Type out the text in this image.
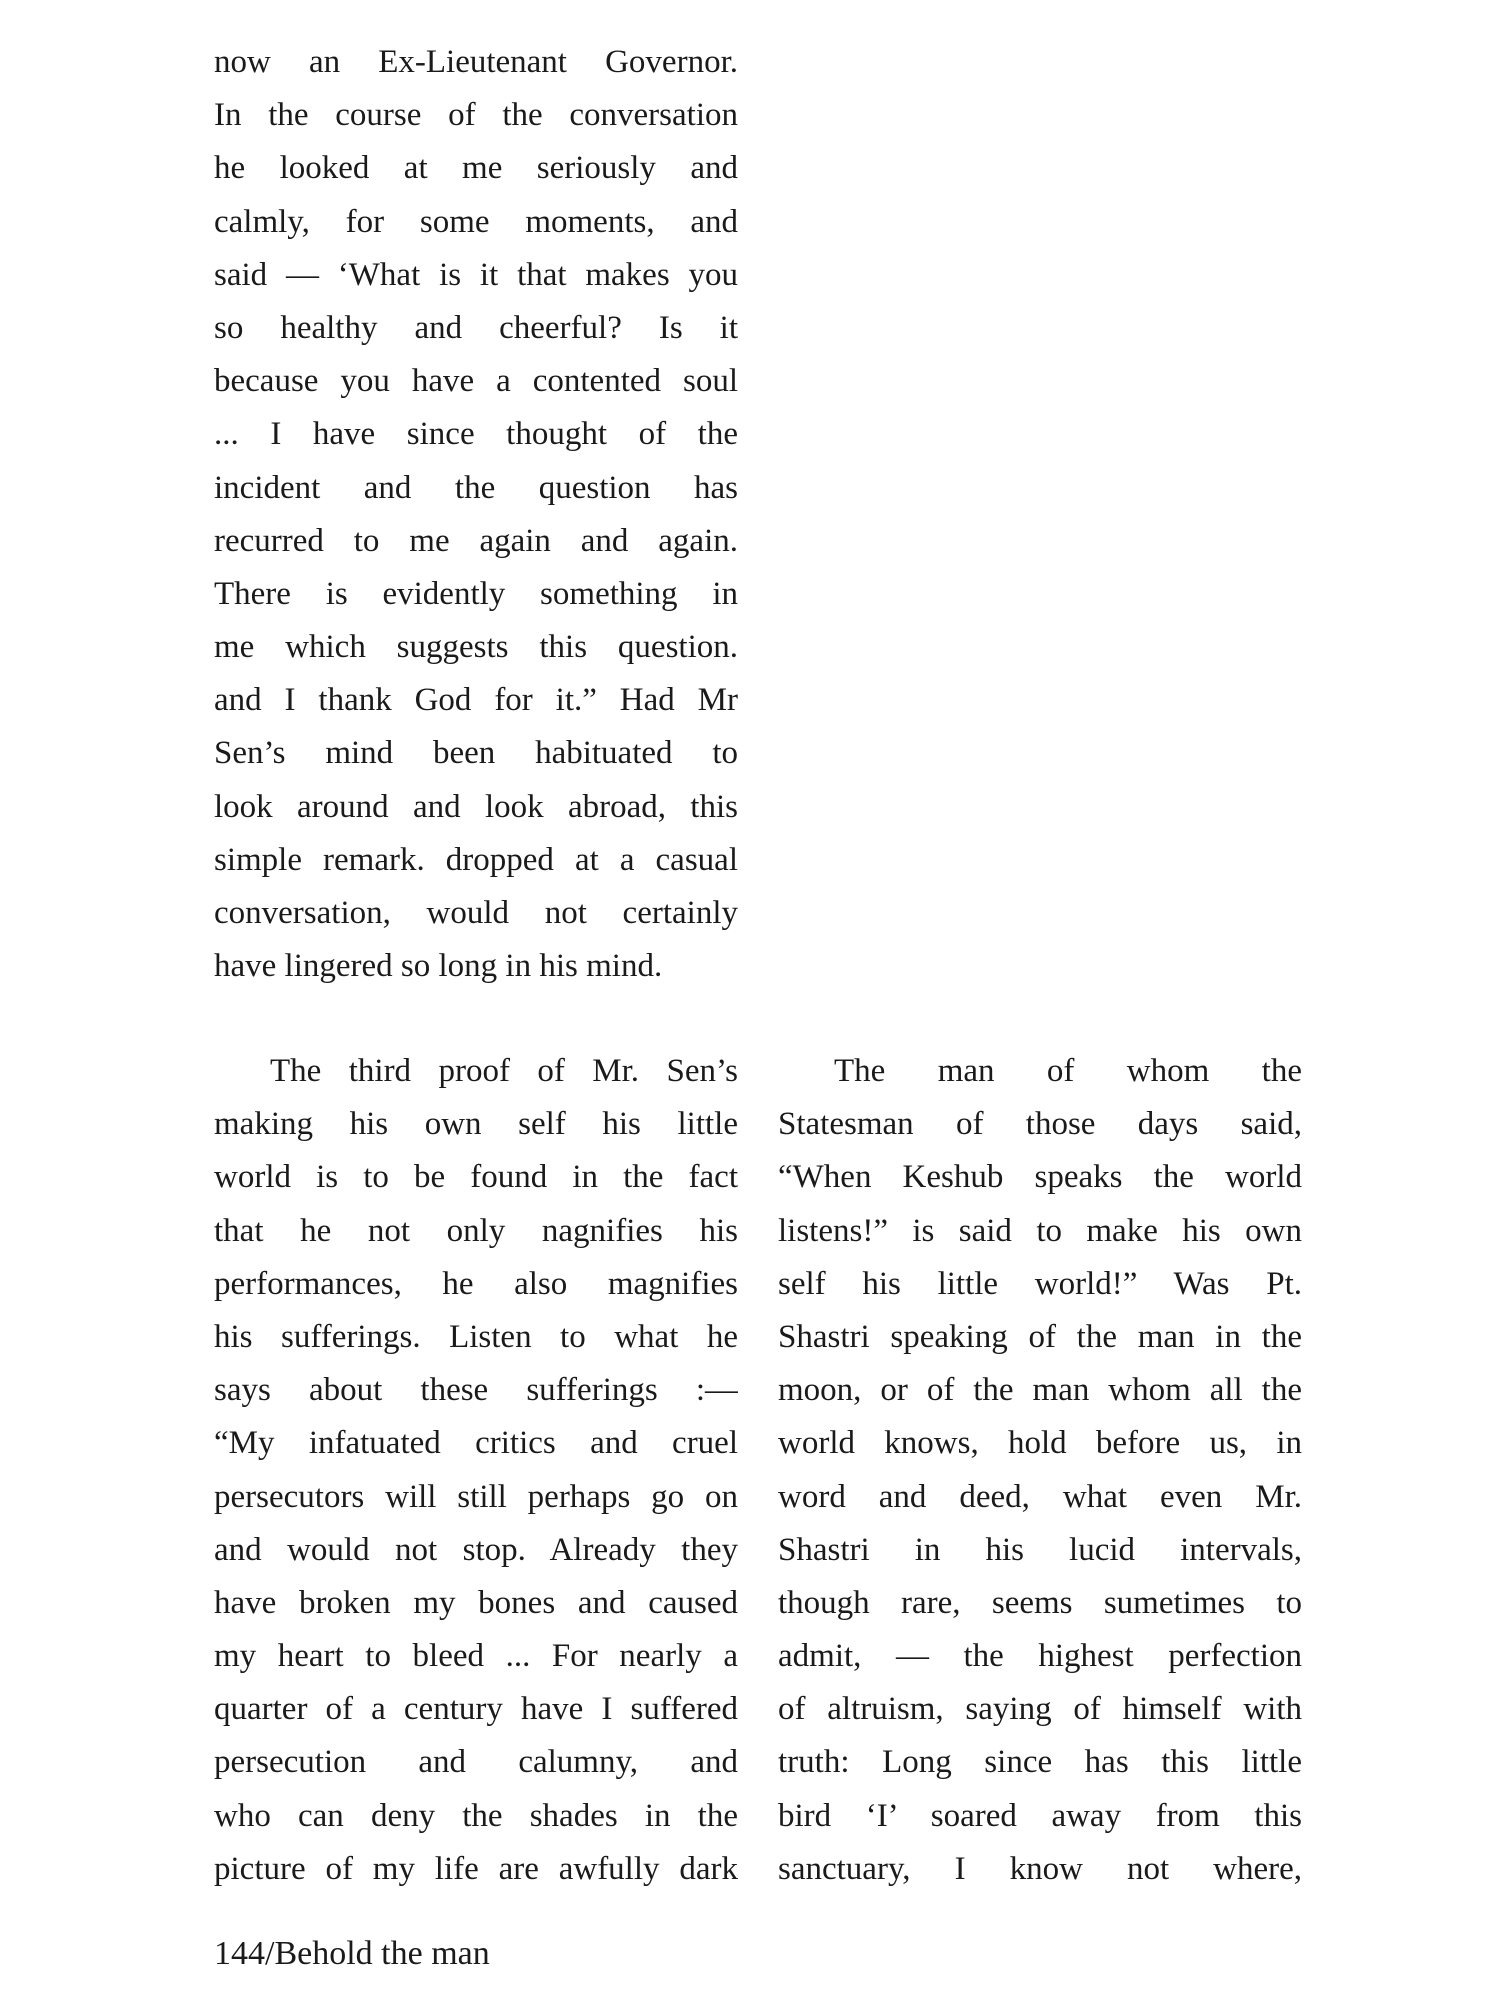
now an Ex-Lieutenant Governor.
In the course of the conversation
he looked at me seriously and
calmly, for some moments, and
said — ‘What is it that makes you
so healthy and cheerful? Is it
because you have a contented soul
... I have since thought of the
incident and the question has
recurred to me again and again.
There is evidently something in
me which suggests this question.
and I thank God for it.” Had Mr
Sen’s mind been habituated to
look around and look abroad, this
simple remark. dropped at a casual
conversation, would not certainly
have lingered so long in his mind.
The third proof of Mr. Sen’s
making his own self his little
world is to be found in the fact
that he not only nagnifies his
performances, he also magnifies
his sufferings. Listen to what he
says about these sufferings :—
“My infatuated critics and cruel
persecutors will still perhaps go on
and would not stop. Already they
have broken my bones and caused
my heart to bleed ... For nearly a
quarter of a century have I suffered
persecution and calumny, and
who can deny the shades in the
picture of my life are awfully dark
The man of whom the
Statesman of those days said,
“When Keshub speaks the world
listens!” is said to make his own
self his little world!” Was Pt.
Shastri speaking of the man in the
moon, or of the man whom all the
world knows, hold before us, in
word and deed, what even Mr.
Shastri in his lucid intervals,
though rare, seems sumetimes to
admit, — the highest perfection
of altruism, saying of himself with
truth: Long since has this little
bird ‘I’ soared away from this
sanctuary, I know not where,
144/Behold the man
